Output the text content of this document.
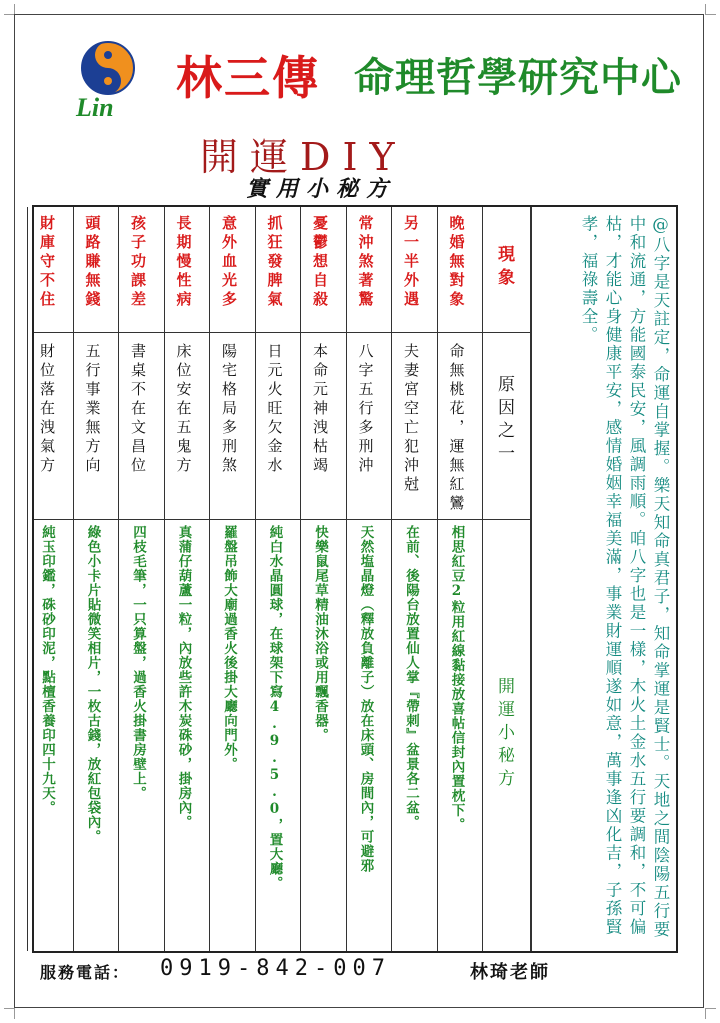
Lin
林三傳 命理哲學研究中心
開運DIY
實用小秘方
現象
原因之一
開運小秘方	@八字是天註定，命運自掌握。樂天知命真君子，知命掌運是賢士。天地之間陰陽五行要中和流通，方能國泰民安，風調雨順。咱八字也是一樣，木火土金水五行要調和，不可偏枯，才能心身健康平安，感情婚姻幸福美滿，事業財運順遂如意，萬事逢凶化吉，子孫賢孝，福祿壽全。
晚婚無對象
命無桃花，運無紅鸞
相思紅豆2粒用紅線黏接放喜帖信封內置枕下。
另一半外遇
夫妻宮空亡犯沖尅
在前、後陽台放置仙人掌『帶刺』盆景各二盆。
常沖煞著驚
八字五行多刑沖
天然塩晶燈（釋放負離子）放在床頭、房間內，可避邪
憂鬱想自殺
本命元神洩枯竭
快樂鼠尾草精油沐浴或用飄香器。
抓狂發脾氣
日元火旺欠金水
純白水晶圓球，在球架下寫4.9.5.0，置大廳。
意外血光多
陽宅格局多刑煞
羅盤吊飾大廟過香火後掛大廳向門外。
長期慢性病
床位安在五鬼方
真蒲仔葫蘆一粒，內放些許木炭硃砂，掛房內。
孩子功課差
書桌不在文昌位
四枝毛筆，一只算盤，過香火掛書房壁上。
頭路賺無錢
五行事業無方向
綠色小卡片貼微笑相片，一枚古錢，放紅包袋內。
財庫守不住
財位落在洩氣方
純玉印鑑，硃砂印泥，點檀香養印四十九天。
服務電話： 0919-842-007	林琦老師
